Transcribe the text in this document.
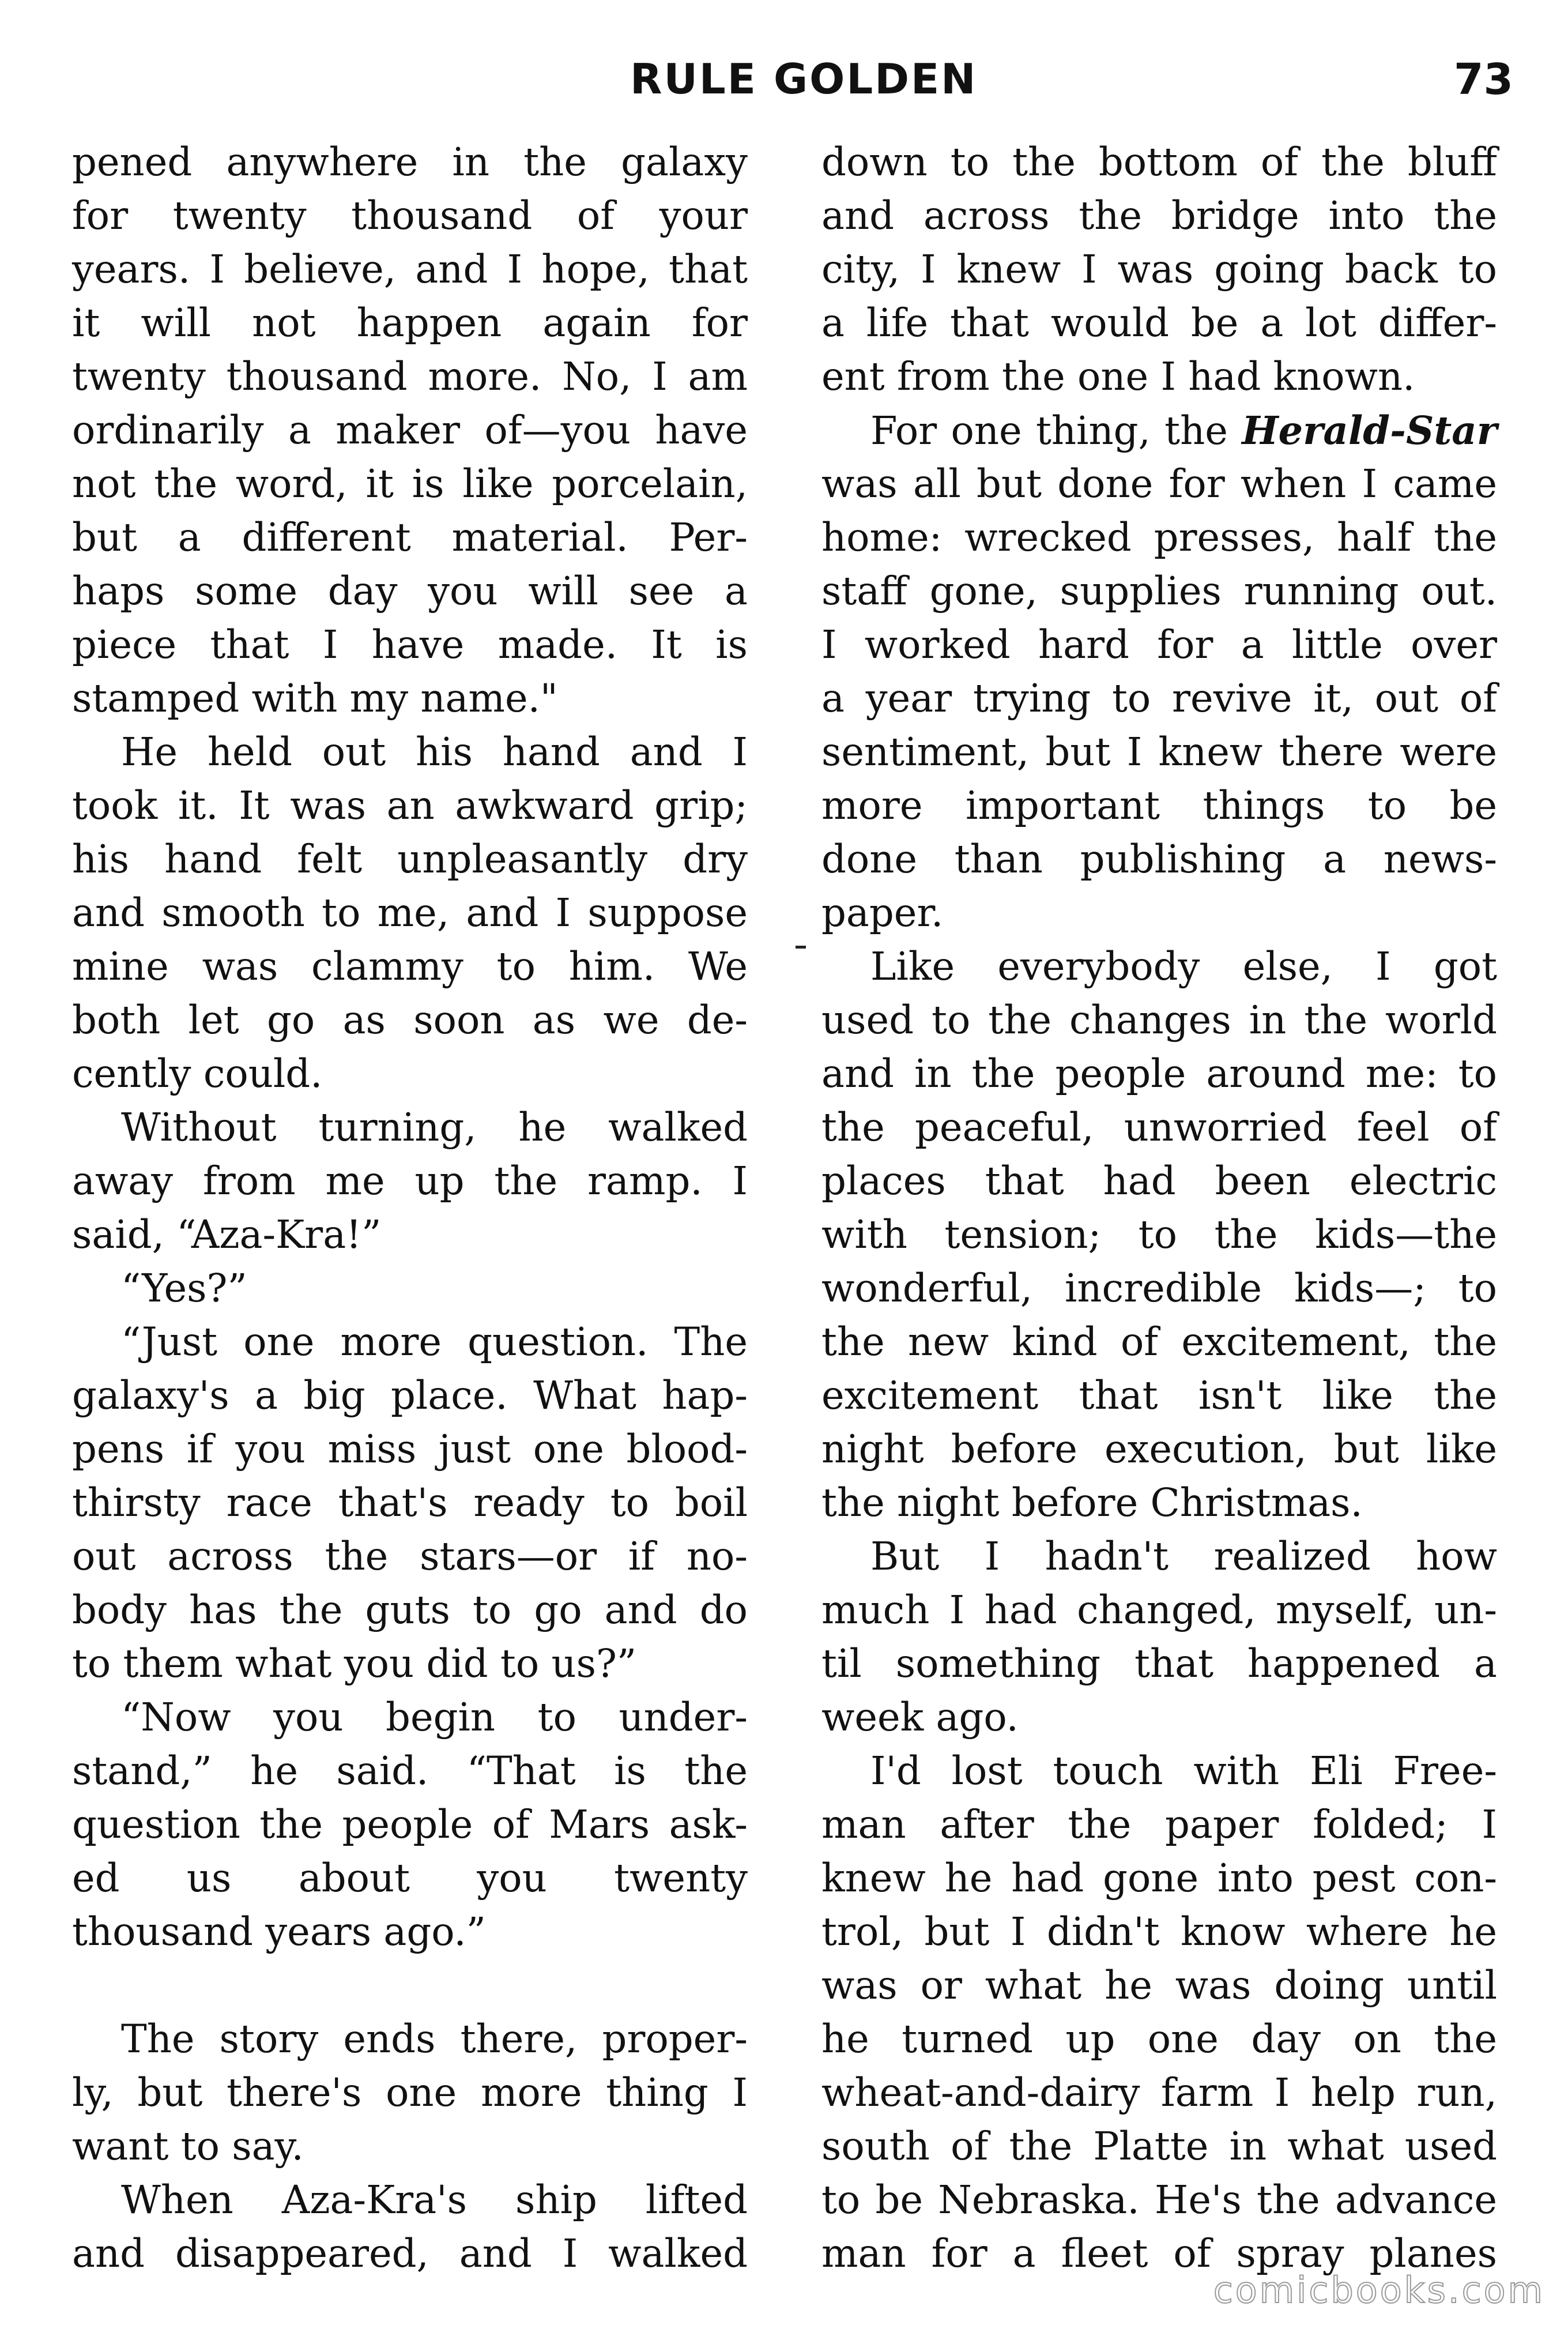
RULE GOLDEN	73
pened anywhere in the galaxy
for twenty thousand of your
years. I believe, and I hope, that
it will not happen again for
twenty thousand more. No, I am
ordinarily a maker of—you have
not the word, it is like porcelain,
but a different material. Per-
haps some day you will see a
piece that I have made. It is
stamped with my name."
He held out his hand and I
took it. It was an awkward grip;
his hand felt unpleasantly dry
and smooth to me, and I suppose
mine was clammy to him. We
both let go as soon as we de-
cently could.
Without turning, he walked
away from me up the ramp. I
said, “Aza-Kra!”
“Yes?”
“Just one more question. The
galaxy's a big place. What hap-
pens if you miss just one blood-
thirsty race that's ready to boil
out across the stars—or if no-
body has the guts to go and do
to them what you did to us?”
“Now you begin to under-
stand,” he said. “That is the
question the people of Mars ask-
ed us about you twenty
thousand years ago.”
The story ends there, proper-
ly, but there's one more thing I
want to say.
When Aza-Kra's ship lifted
and disappeared, and I walked
down to the bottom of the bluff
and across the bridge into the
city, I knew I was going back to
a life that would be a lot differ-
ent from the one I had known.
For one thing, the Herald-Star
was all but done for when I came
home: wrecked presses, half the
staff gone, supplies running out.
I worked hard for a little over
a year trying to revive it, out of
sentiment, but I knew there were
more important things to be
done than publishing a news-
paper.
Like everybody else, I got
used to the changes in the world
and in the people around me: to
the peaceful, unworried feel of
places that had been electric
with tension; to the kids—the
wonderful, incredible kids—; to
the new kind of excitement, the
excitement that isn't like the
night before execution, but like
the night before Christmas.
But I hadn't realized how
much I had changed, myself, un-
til something that happened a
week ago.
I'd lost touch with Eli Free-
man after the paper folded; I
knew he had gone into pest con-
trol, but I didn't know where he
was or what he was doing until
he turned up one day on the
wheat-and-dairy farm I help run,
south of the Platte in what used
to be Nebraska. He's the advance
man for a fleet of spray planes
comicbooks.com
